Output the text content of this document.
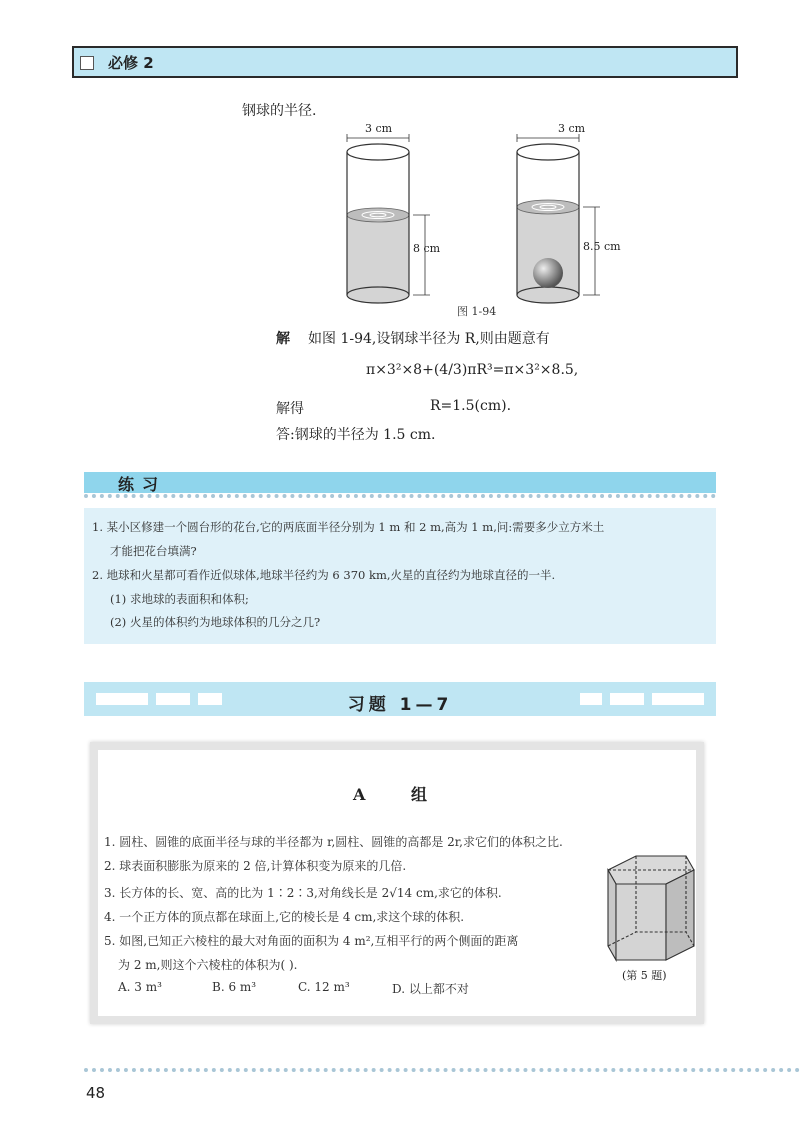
必修 2
钢球的半径.
3 cm
8 cm
3 cm
8.5 cm
图 1-94
解 如图 1-94,设钢球半径为 R,则由题意有
π×3²×8+(4/3)πR³=π×3²×8.5,
解得	R=1.5(cm).
答:钢球的半径为 1.5 cm.
练习
1. 某小区修建一个圆台形的花台,它的两底面半径分别为 1 m 和 2 m,高为 1 m,问:需要多少立方米土
才能把花台填满?
2. 地球和火星都可看作近似球体,地球半径约为 6 370 km,火星的直径约为地球直径的一半.
(1) 求地球的表面积和体积;
(2) 火星的体积约为地球体积的几分之几?
习题 1—7
A 组
1. 圆柱、圆锥的底面半径与球的半径都为 r,圆柱、圆锥的高都是 2r,求它们的体积之比.
2. 球表面积膨胀为原来的 2 倍,计算体积变为原来的几倍.
3. 长方体的长、宽、高的比为 1∶2∶3,对角线长是 2√14 cm,求它的体积.
4. 一个正方体的顶点都在球面上,它的棱长是 4 cm,求这个球的体积.
5. 如图,已知正六棱柱的最大对角面的面积为 4 m²,互相平行的两个侧面的距离
为 2 m,则这个六棱柱的体积为( ).
A. 3 m³	B. 6 m³	C. 12 m³	D. 以上都不对
(第 5 题)
48
